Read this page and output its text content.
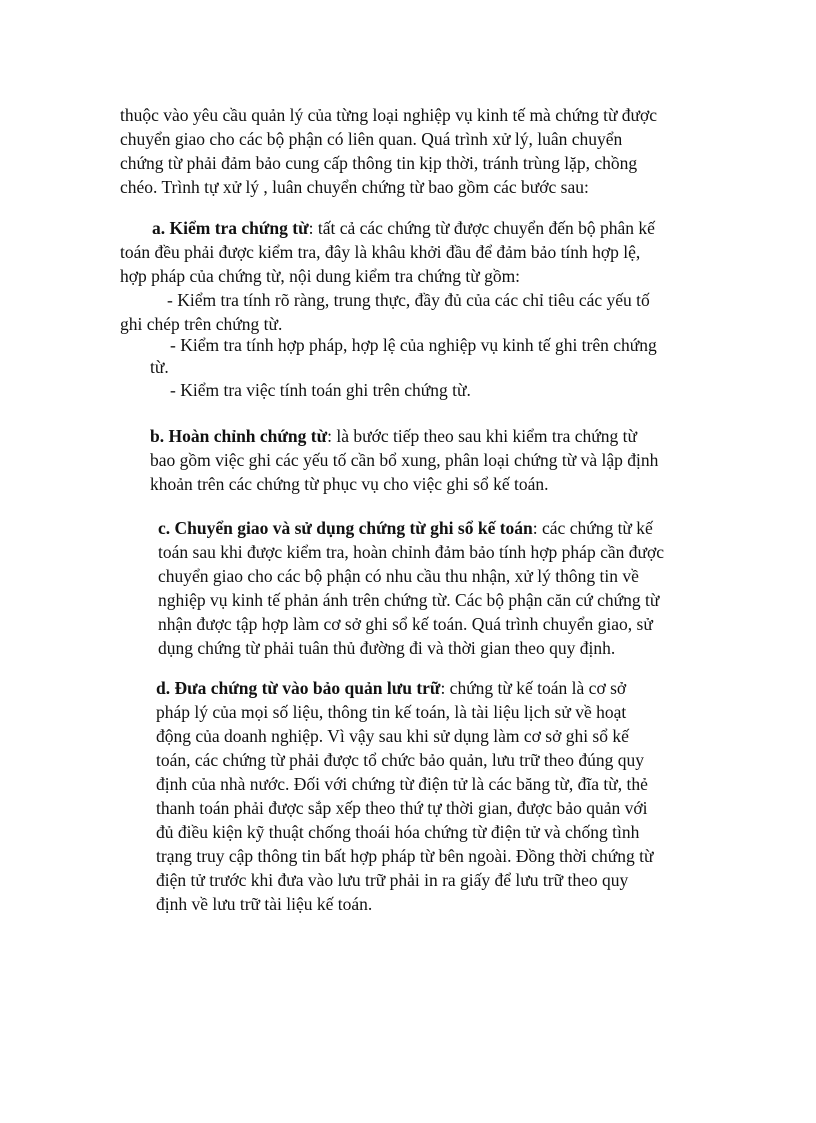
thuộc vào yêu cầu quản lý của từng loại nghiệp vụ kinh tế mà chứng từ được
chuyển giao cho các bộ phận có liên quan. Quá trình xử lý, luân chuyển
chứng từ phải đảm bảo cung cấp thông tin kịp thời, tránh trùng lặp, chồng
chéo. Trình tự xử lý , luân chuyển chứng từ bao gồm các bước sau:
a. Kiểm tra chứng từ: tất cả các chứng từ được chuyển đến bộ phân kế
toán đều phải được kiểm tra, đây là khâu khởi đầu để đảm bảo tính hợp lệ,
hợp pháp của chứng từ, nội dung kiểm tra chứng từ gồm:
- Kiểm tra tính rõ ràng, trung thực, đầy đủ của các chỉ tiêu các yếu tố
ghi chép trên chứng từ.
- Kiểm tra tính hợp pháp, hợp lệ của nghiệp vụ kinh tế ghi trên chứng
từ.
- Kiểm tra việc tính toán ghi trên chứng từ.
b. Hoàn chỉnh chứng từ: là bước tiếp theo sau khi kiểm tra chứng từ
bao gồm việc ghi các yếu tố cần bổ xung, phân loại chứng từ và lập định
khoản trên các chứng từ phục vụ cho việc ghi sổ kế toán.
c. Chuyển giao và sử dụng chứng từ ghi sổ kế toán: các chứng từ kế
toán sau khi được kiểm tra, hoàn chỉnh đảm bảo tính hợp pháp cần được
chuyển giao cho các bộ phận có nhu cầu thu nhận, xử lý thông tin về
nghiệp vụ kinh tế phản ánh trên chứng từ. Các bộ phận căn cứ chứng từ
nhận được tập hợp làm cơ sở ghi sổ kế toán. Quá trình chuyển giao, sử
dụng chứng từ phải tuân thủ đường đi và thời gian theo quy định.
d. Đưa chứng từ vào bảo quản lưu trữ: chứng từ kế toán là cơ sở
pháp lý của mọi số liệu, thông tin kế toán, là tài liệu lịch sử về hoạt
động của doanh nghiệp. Vì vậy sau khi sử dụng làm cơ sở ghi sổ kế
toán, các chứng từ phải được tổ chức bảo quản, lưu trữ theo đúng quy
định của nhà nước. Đối với chứng từ điện tử là các băng từ, đĩa từ, thẻ
thanh toán phải được sắp xếp theo thứ tự thời gian, được bảo quản với
đủ điều kiện kỹ thuật chống thoái hóa chứng từ điện tử và chống tình
trạng truy cập thông tin bất hợp pháp từ bên ngoài. Đồng thời chứng từ
điện tử trước khi đưa vào lưu trữ phải in ra giấy để lưu trữ theo quy
định về lưu trữ tài liệu kế toán.
